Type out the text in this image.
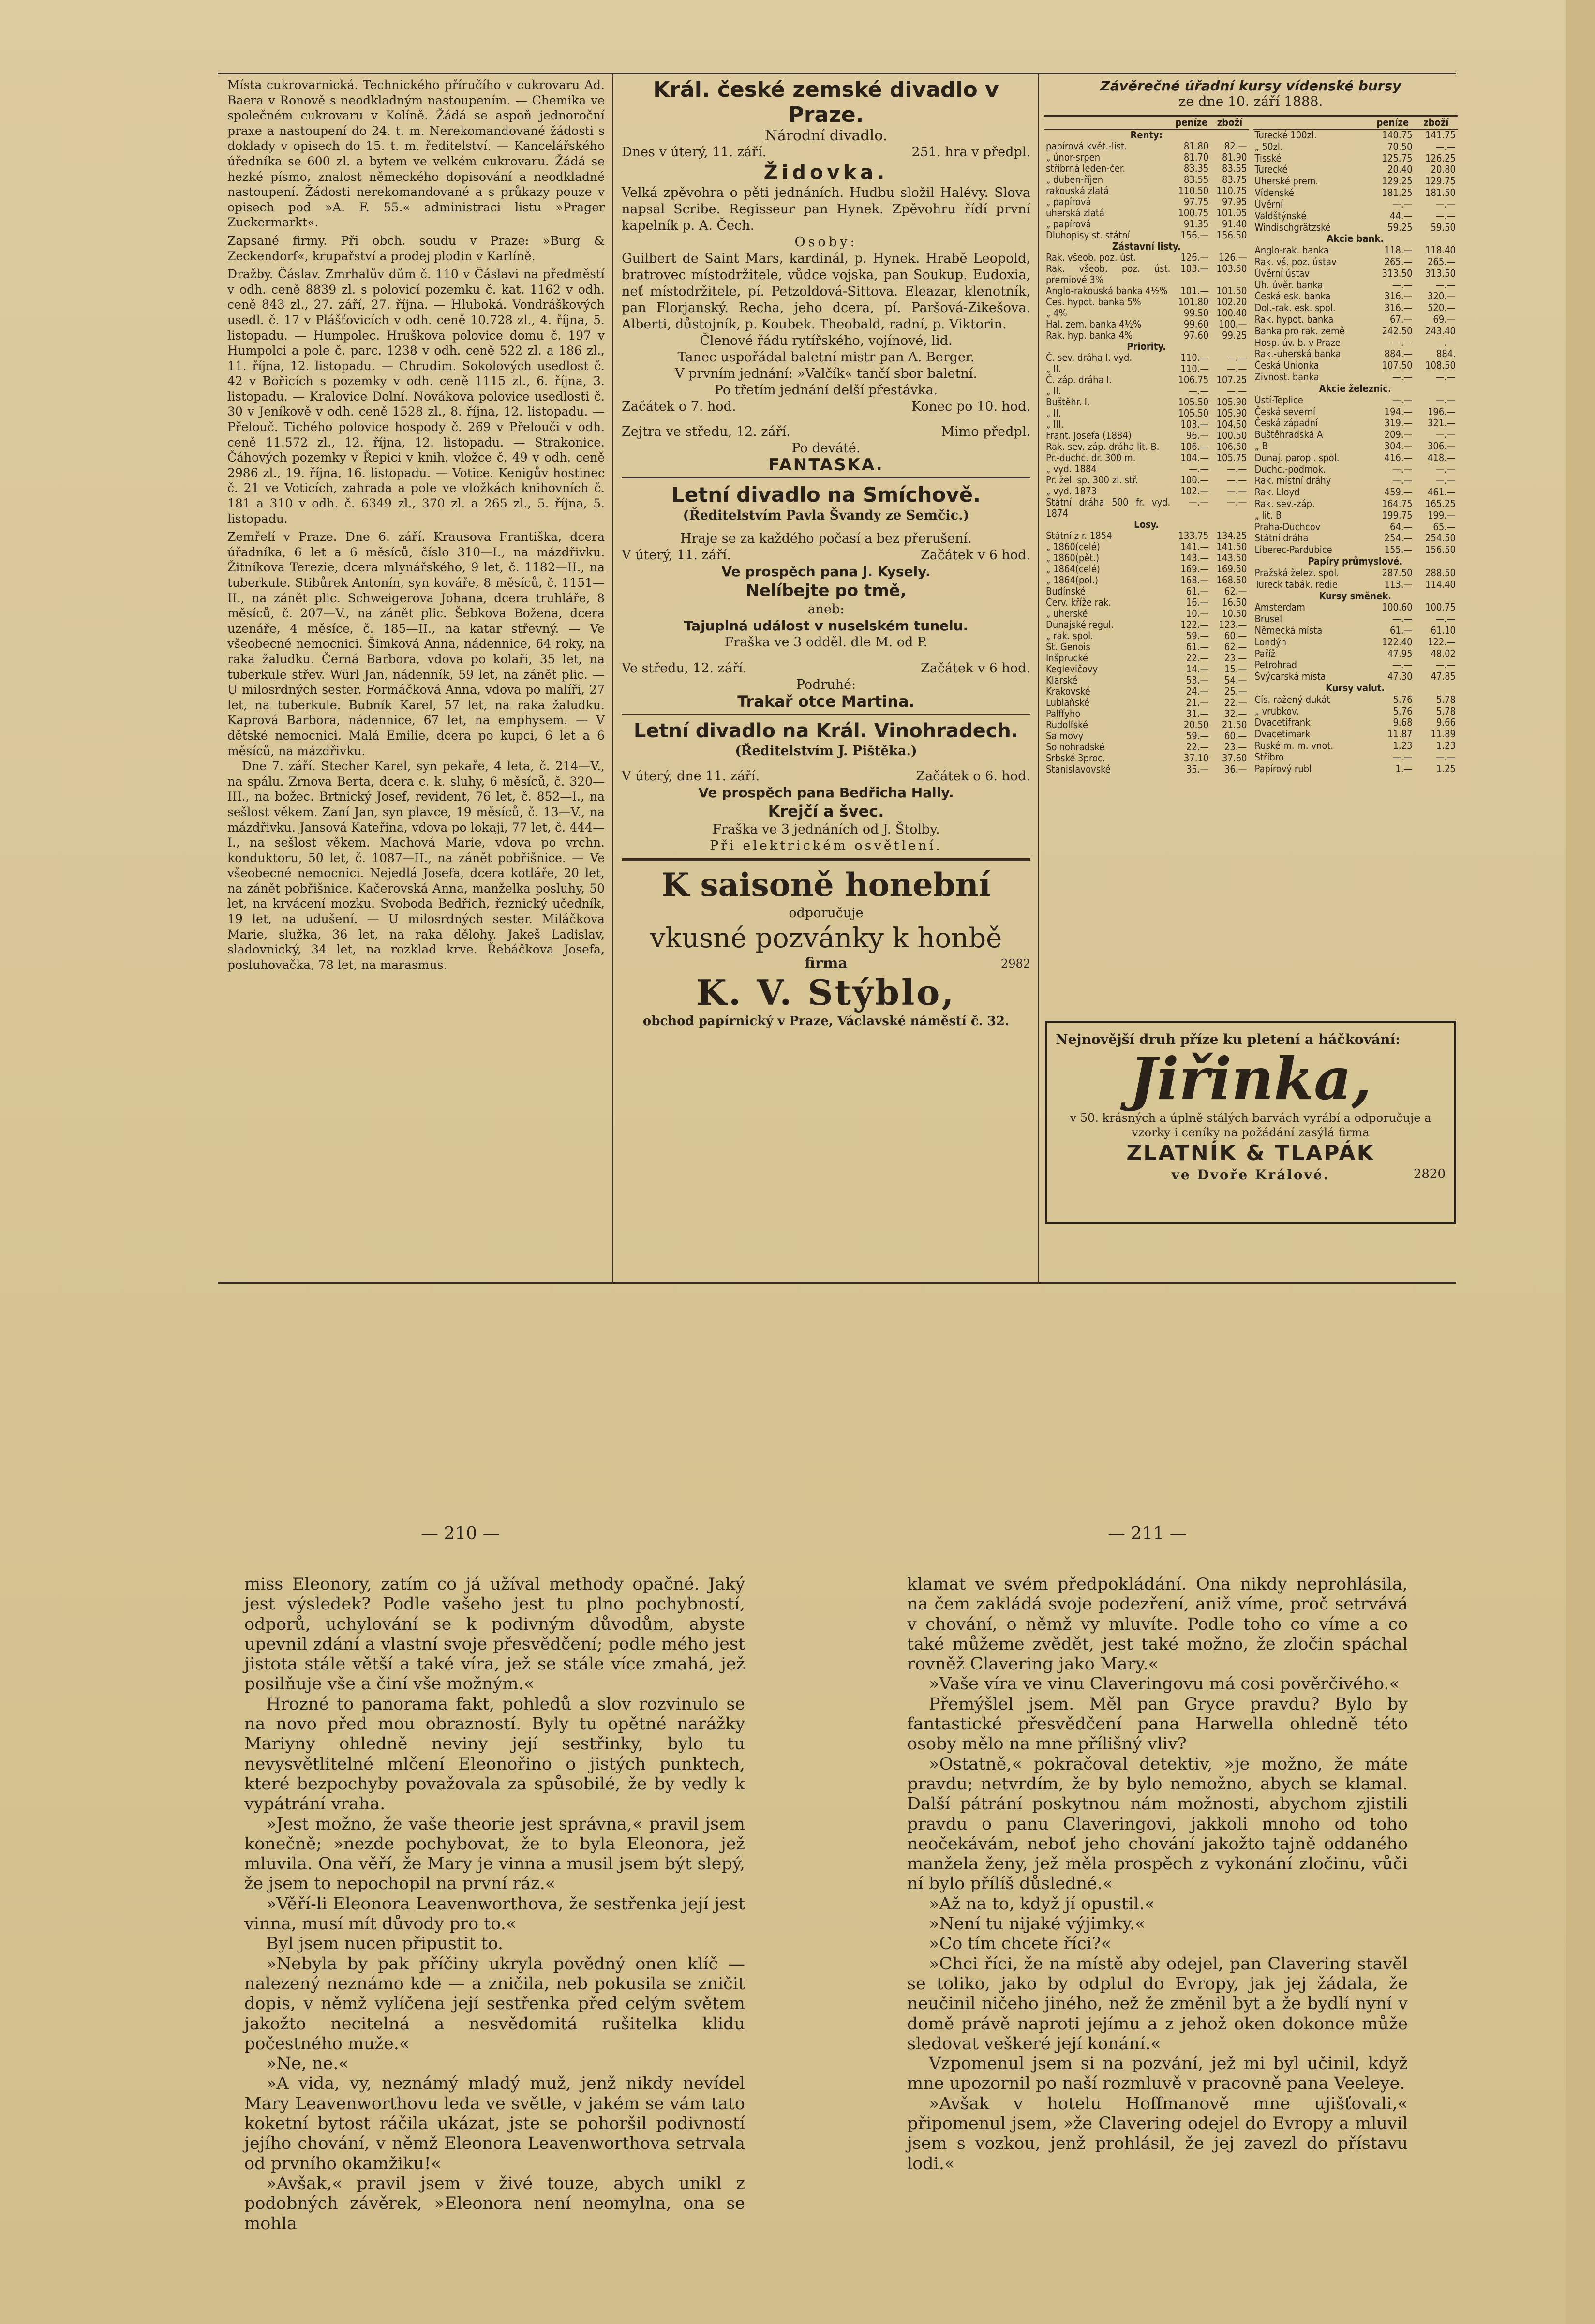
Místa cukrovarnická. Technického příručího v cukrovaru Ad. Baera v Ronově s neodkladným nastoupením. — Chemika ve společném cukrovaru v Kolíně. Žádá se aspoň jednoroční praxe a nastoupení do 24. t. m. Nerekomandované žádosti s doklady v opisech do 15. t. m. ředitelství. — Kancelářského úředníka se 600 zl. a bytem ve velkém cukrovaru. Žádá se hezké písmo, znalost německého dopisování a neodkladné nastoupení. Žádosti nerekomandované a s průkazy pouze v opisech pod »A. F. 55.« administraci listu »Prager Zuckermarkt«.

Zapsané firmy. Při obch. soudu v Praze: »Burg & Zeckendorf«, krupařství a prodej plodin v Karlíně.

Dražby. Čáslav. Zmrhalův dům č. 110 v Čáslavi na předměstí v odh. ceně 8839 zl. s polovicí pozemku č. kat. 1162 v odh. ceně 843 zl., 27. září, 27. října. — Hluboká. Vondráškových usedl. č. 17 v Plášťovicích v odh. ceně 10.728 zl., 4. října, 5. listopadu. — Humpolec. Hruškova polovice domu č. 197 v Humpolci a pole č. parc. 1238 v odh. ceně 522 zl. a 186 zl., 11. října, 12. listopadu. — Chrudim. Sokolových usedlost č. 42 v Bořicích s pozemky v odh. ceně 1115 zl., 6. října, 3. listopadu. — Kralovice Dolní. Novákova polovice usedlosti č. 30 v Jeníkově v odh. ceně 1528 zl., 8. října, 12. listopadu. — Přelouč. Tichého polovice hospody č. 269 v Přelouči v odh. ceně 11.572 zl., 12. října, 12. listopadu. — Strakonice. Čáhových pozemky v Řepici v knih. vložce č. 49 v odh. ceně 2986 zl., 19. října, 16. listopadu. — Votice. Kenigův hostinec č. 21 ve Voticích, zahrada a pole ve vložkách knihovních č. 181 a 310 v odh. č. 6349 zl., 370 zl. a 265 zl., 5. října, 5. listopadu.

Zemřelí v Praze. Dne 6. září. Krausova Františka, dcera úřadníka, 6 let a 6 měsíců, číslo 310—I., na mázdřivku. Žitníkova Terezie, dcera mlynářského, 9 let, č. 1182—II., na tuberkule. Stibůrek Antonín, syn kováře, 8 měsíců, č. 1151—II., na zánět plic. Schweigerova Johana, dcera truhláře, 8 měsíců, č. 207—V., na zánět plic. Šebkova Božena, dcera uzenáře, 4 měsíce, č. 185—II., na katar střevný. — Ve všeobecné nemocnici. Šimková Anna, nádennice, 64 roky, na raka žaludku. Černá Barbora, vdova po kolaři, 35 let, na tuberkule střev. Würl Jan, nádenník, 59 let, na zánět plic. — U milosrdných sester. Formáčková Anna, vdova po malíři, 27 let, na tuberkule. Bubník Karel, 57 let, na raka žaludku. Kaprová Barbora, nádennice, 67 let, na emphysem. — V dětské nemocnici. Malá Emilie, dcera po kupci, 6 let a 6 měsíců, na mázdřivku.

Dne 7. září. Stecher Karel, syn pekaře, 4 leta, č. 214—V., na spálu. Zrnova Berta, dcera c. k. sluhy, 6 měsíců, č. 320—III., na božec. Brtnický Josef, revident, 76 let, č. 852—I., na sešlost věkem. Zaní Jan, syn plavce, 19 měsíců, č. 13—V., na mázdřivku. Jansová Kateřina, vdova po lokaji, 77 let, č. 444—I., na sešlost věkem. Machová Marie, vdova po vrchn. konduktoru, 50 let, č. 1087—II., na zánět pobřišnice. — Ve všeobecné nemocnici. Nejedlá Josefa, dcera kotláře, 20 let, na zánět pobřišnice. Kačerovská Anna, manželka posluhy, 50 let, na krvácení mozku. Svoboda Bedřich, řeznický učedník, 19 let, na udušení. — U milosrdných sester. Miláčkova Marie, služka, 36 let, na raka dělohy. Jakeš Ladislav, sladovnický, 34 let, na rozklad krve. Řebáčkova Josefa, posluhovačka, 78 let, na marasmus.

Král. české zemské divadlo v Praze.
Národní divadlo.
Dnes v úterý, 11. září.	251. hra v předpl.
Židovka.

Velká zpěvohra o pěti jednáních. Hudbu složil Halévy. Slova napsal Scribe. Regisseur pan Hynek. Zpěvohru řídí první kapelník p. A. Čech.

Osoby:

Guilbert de Saint Mars, kardinál, p. Hynek. Hrabě Leopold, bratrovec místodržitele, vůdce vojska, pan Soukup. Eudoxia, neť místodržitele, pí. Petzoldová-Sittova. Eleazar, klenotník, pan Florjanský. Recha, jeho dcera, pí. Paršová-Zikešova. Alberti, důstojník, p. Koubek. Theobald, radní, p. Viktorin.

Členové řádu rytířského, vojínové, lid.
Tanec uspořádal baletní mistr pan A. Berger.
V prvním jednání: »Valčík« tančí sbor baletní.
Po třetím jednání delší přestávka.
Začátek o 7. hod.	Konec po 10. hod.
Zejtra ve středu, 12. září.	Mimo předpl.
Po deváté.
FANTASKA.
Letní divadlo na Smíchově.
(Ředitelstvím Pavla Švandy ze Semčic.)
Hraje se za každého počasí a bez přerušení.
V úterý, 11. září.	Začátek v 6 hod.
Ve prospěch pana J. Kysely.
Nelíbejte po tmě,
aneb:
Tajuplná událost v nuselském tunelu.
Fraška ve 3 odděl. dle M. od P.
Ve středu, 12. září.	Začátek v 6 hod.
Podruhé:
Trakař otce Martina.
Letní divadlo na Král. Vinohradech.
(Ředitelstvím J. Pištěka.)
V úterý, dne 11. září.	Začátek o 6. hod.
Ve prospěch pana Bedřicha Hally.
Krejčí a švec.
Fraška ve 3 jednáních od J. Štolby.
Při elektrickém osvětlení.
K saisoně honební
odporučuje
vkusné pozvánky k honbě
firma	2982
K. V. Stýblo,
obchod papírnický v Praze, Václavské náměstí č. 32.
Závěrečné úřadní kursy vídenské bursy
ze dne 10. září 1888.
	peníze	zboží
Renty:		
papírová květ.-list.	81.80	82.—
„ únor-srpen	81.70	81.90
stříbrná leden-čer.	83.35	83.55
„ duben-říjen	83.55	83.75
rakouská zlatá	110.50	110.75
„ papírová	97.75	97.95
uherská zlatá	100.75	101.05
„ papírová	91.35	91.40
Dluhopisy st. státní	156.—	156.50
Zástavní listy.		
Rak. všeob. poz. úst.	126.—	126.—
Rak. všeob. poz. úst. premiové 3%	103.—	103.50
Anglo-rakouská banka 4½%	101.—	101.50
Čes. hypot. banka 5%	101.80	102.20
„ 4%	99.50	100.40
Hal. zem. banka 4½%	99.60	100.—
Rak. hyp. banka 4%	97.60	99.25
Priority.		
Č. sev. dráha I. vyd.	110.—	—.—
„ II.	110.—	—.—
Č. záp. dráha I.	106.75	107.25
„ II.	—.—	—.—
Buštěhr. I.	105.50	105.90
„ II.	105.50	105.90
„ III.	103.—	104.50
Frant. Josefa (1884)	96.—	100.50
Rak. sev.-záp. dráha lit. B.	106.—	106.50
Pr.-duchc. dr. 300 m.	104.—	105.75
„ vyd. 1884	—.—	—.—
Pr. žel. sp. 300 zl. stř.	100.—	—.—
„ vyd. 1873	102.—	—.—
Státní dráha 500 fr. vyd. 1874	—.—	—.—
Losy.		
Státní z r. 1854	133.75	134.25
„ 1860(celé)	141.—	141.50
„ 1860(pět.)	143.—	143.50
„ 1864(celé)	169.—	169.50
„ 1864(pol.)	168.—	168.50
Budínské	61.—	62.—
Červ. kříže rak.	16.—	16.50
„ uherské	10.—	10.50
Dunajské regul.	122.—	123.—
„ rak. spol.	59.—	60.—
St. Genois	61.—	62.—
Inšprucké	22.—	23.—
Keglevičovy	14.—	15.—
Klarské	53.—	54.—
Krakovské	24.—	25.—
Lublaňské	21.—	22.—
Palffyho	31.—	32.—
Rudolfské	20.50	21.50
Salmovy	59.—	60.—
Solnohradské	22.—	23.—
Srbské 3proc.	37.10	37.60
Stanislavovské	35.—	36.—
	peníze	zboží
Turecké 100zl.	140.75	141.75
„ 50zl.	70.50	—.—
Tisské	125.75	126.25
Turecké	20.40	20.80
Uherské prem.	129.25	129.75
Vídenské	181.25	181.50
Úvěrní	—.—	—.—
Valdštýnské	44.—	—.—
Windischgrätzské	59.25	59.50
Akcie bank.		
Anglo-rak. banka	118.—	118.40
Rak. vš. poz. ústav	265.—	265.—
Úvěrní ústav	313.50	313.50
Uh. úvěr. banka	—.—	—.—
Česká esk. banka	316.—	320.—
Dol.-rak. esk. spol.	316.—	520.—
Rak. hypot. banka	67.—	69.—
Banka pro rak. země	242.50	243.40
Hosp. úv. b. v Praze	—.—	—.—
Rak.-uherská banka	884.—	884.
Česká Unionka	107.50	108.50
Živnost. banka	—.—	—.—
Akcie železnic.		
Ústí-Teplice	—.—	—.—
Česká severní	194.—	196.—
Česká západní	319.—	321.—
Buštěhradská A	209.—	—.—
„ B	304.—	306.—
Dunaj. paropl. spol.	416.—	418.—
Duchc.-podmok.	—.—	—.—
Rak. místní dráhy	—.—	—.—
Rak. Lloyd	459.—	461.—
Rak. sev.-záp.	164.75	165.25
„ lit. B	199.75	199.—
Praha-Duchcov	64.—	65.—
Státní dráha	254.—	254.50
Liberec-Pardubice	155.—	156.50
Papíry průmyslové.		
Pražská želez. spol.	287.50	288.50
Tureck tabák. redie	113.—	114.40
Kursy směnek.		
Amsterdam	100.60	100.75
Brusel	—.—	—.—
Německá místa	61.—	61.10
Londýn	122.40	122.—
Paříž	47.95	48.02
Petrohrad	—.—	—.—
Švýcarská místa	47.30	47.85
Kursy valut.		
Cís. ražený dukát	5.76	5.78
„ vrubkov.	5.76	5.78
Dvacetifrank	9.68	9.66
Dvacetimark	11.87	11.89
Ruské m. m. vnot.	1.23	1.23
Stříbro	—.—	—.—
Papírový rubl	1.—	1.25
Nejnovější druh příze ku pletení a háčkování:
Jiřinka,
v 50. krásných a úplně stálých barvách vyrábí a odporučuje a vzorky i ceníky na požádání zasýlá firma
ZLATNÍK & TLAPÁK
ve Dvoře Králové.	2820
— 210 —	— 211 —

miss Eleonory, zatím co já užíval methody opačné. Jaký jest výsledek? Podle vašeho jest tu plno pochybností, odporů, uchylování se k podivným důvodům, abyste upevnil zdání a vlastní svoje přesvědčení; podle mého jest jistota stále větší a také víra, jež se stále více zmahá, jež posilňuje vše a činí vše možným.«

Hrozné to panorama fakt, pohledů a slov rozvinulo se na novo před mou obrazností. Byly tu opětné narážky Mariyny ohledně neviny její sestřinky, bylo tu nevysvětlitelné mlčení Eleonořino o jistých punktech, které bezpochyby považovala za spůsobilé, že by vedly k vypátrání vraha.

»Jest možno, že vaše theorie jest správna,« pravil jsem konečně; »nezde pochybovat, že to byla Eleonora, jež mluvila. Ona věří, že Mary je vinna a musil jsem být slepý, že jsem to nepochopil na první ráz.«

»Věří-li Eleonora Leavenworthova, že sestřenka její jest vinna, musí mít důvody pro to.«

Byl jsem nucen připustit to.

»Nebyla by pak příčiny ukryla povědný onen klíč — nalezený neznámo kde — a zničila, neb pokusila se zničit dopis, v němž vylíčena její sestřenka před celým světem jakožto necitelná a nesvědomitá rušitelka klidu počestného muže.«

»Ne, ne.«

»A vida, vy, neznámý mladý muž, jenž nikdy nevídel Mary Leavenworthovu leda ve světle, v jakém se vám tato koketní bytost ráčila ukázat, jste se pohoršil podivností jejího chování, v němž Eleonora Leavenworthova setrvala od prvního okamžiku!«

»Avšak,« pravil jsem v živé touze, abych unikl z podobných závěrek, »Eleonora není neomylna, ona se mohla

klamat ve svém předpokládání. Ona nikdy neprohlásila, na čem zakládá svoje podezření, aniž víme, proč setrvává v chování, o němž vy mluvíte. Podle toho co víme a co také můžeme zvědět, jest také možno, že zločin spáchal rovněž Clavering jako Mary.«

»Vaše víra ve vinu Claveringovu má cosi pověrčivého.«

Přemýšlel jsem. Měl pan Gryce pravdu? Bylo by fantastické přesvědčení pana Harwella ohledně této osoby mělo na mne přílišný vliv?

»Ostatně,« pokračoval detektiv, »je možno, že máte pravdu; netvrdím, že by bylo nemožno, abych se klamal. Další pátrání poskytnou nám možnosti, abychom zjistili pravdu o panu Claveringovi, jakkoli mnoho od toho neočekávám, neboť jeho chování jakožto tajně oddaného manžela ženy, jež měla prospěch z vykonání zločinu, vůči ní bylo přílíš důsledné.«

»Až na to, když jí opustil.«

»Není tu nijaké výjimky.«

»Co tím chcete říci?«

»Chci říci, že na místě aby odejel, pan Clavering stavěl se toliko, jako by odplul do Evropy, jak jej žádala, že neučinil ničeho jiného, než že změnil byt a že bydlí nyní v domě právě naproti jejímu a z jehož oken dokonce může sledovat veškeré její konání.«

Vzpomenul jsem si na pozvání, jež mi byl učinil, když mne upozornil po naší rozmluvě v pracovně pana Veeleye.

»Avšak v hotelu Hoffmanově mne ujišťovali,« připomenul jsem, »že Clavering odejel do Evropy a mluvil jsem s vozkou, jenž prohlásil, že jej zavezl do přístavu lodi.«
